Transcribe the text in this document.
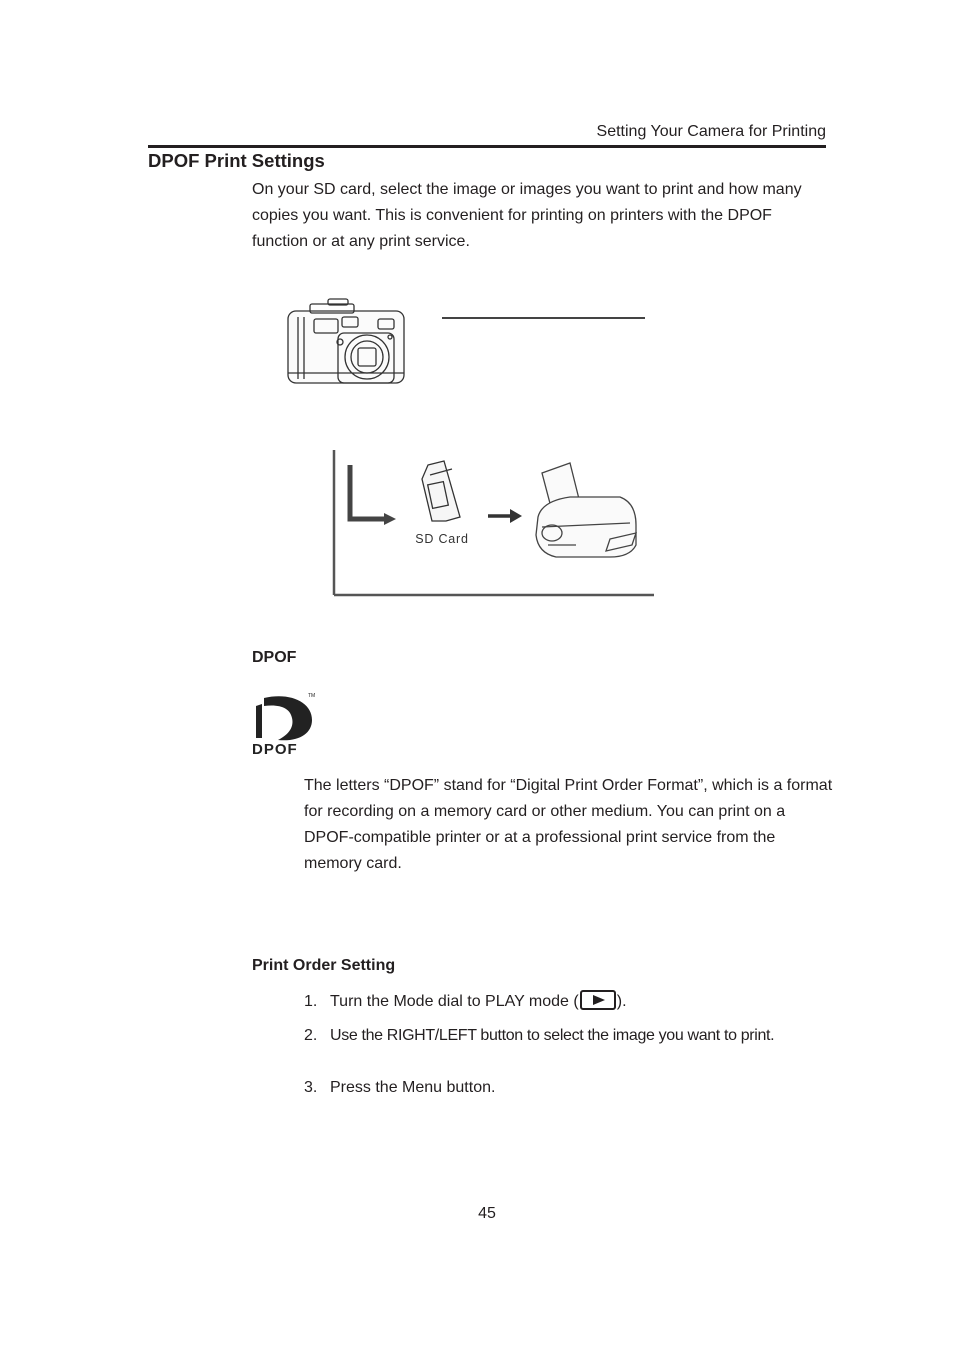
Setting Your Camera for Printing
DPOF Print Settings
On your SD card, select the image or images you want to print and how many copies you want. This is convenient for printing on printers with the DPOF function or at any print service.
SD Card
DPOF
TM
DPOF
The letters “DPOF” stand for “Digital Print Order Format”, which is a format for recording on a memory card or other medium. You can print on a DPOF-compatible printer or at a professional print service from the memory card.
Print Order Setting
1. Turn the Mode dial to PLAY mode ( ).
2. Use the RIGHT/LEFT button to select the image you want to print.
3. Press the Menu button.
45
